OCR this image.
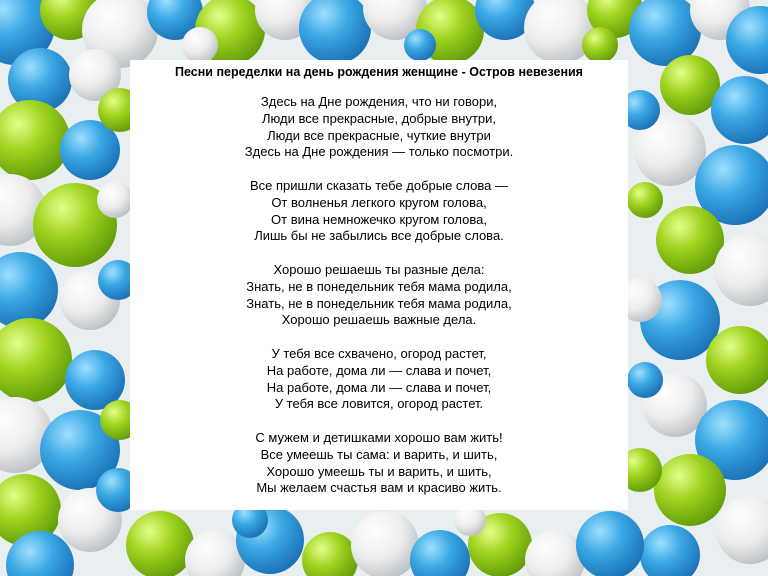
Песни переделки на день рождения женщине - Остров невезения
Здесь на Дне рождения, что ни говори,
Люди все прекрасные, добрые внутри,
Люди все прекрасные, чуткие внутри
Здесь на Дне рождения — только посмотри.
Все пришли сказать тебе добрые слова —
От волненья легкого кругом голова,
От вина немножечко кругом голова,
Лишь бы не забылись все добрые слова.
Хорошо решаешь ты разные дела:
Знать, не в понедельник тебя мама родила,
Знать, не в понедельник тебя мама родила,
Хорошо решаешь важные дела.
У тебя все схвачено, огород растет,
На работе, дома ли — слава и почет,
На работе, дома ли — слава и почет,
У тебя все ловится, огород растет.
С мужем и детишками хорошо вам жить!
Все умеешь ты сама: и варить, и шить,
Хорошо умеешь ты и варить, и шить,
Мы желаем счастья вам и красиво жить.
